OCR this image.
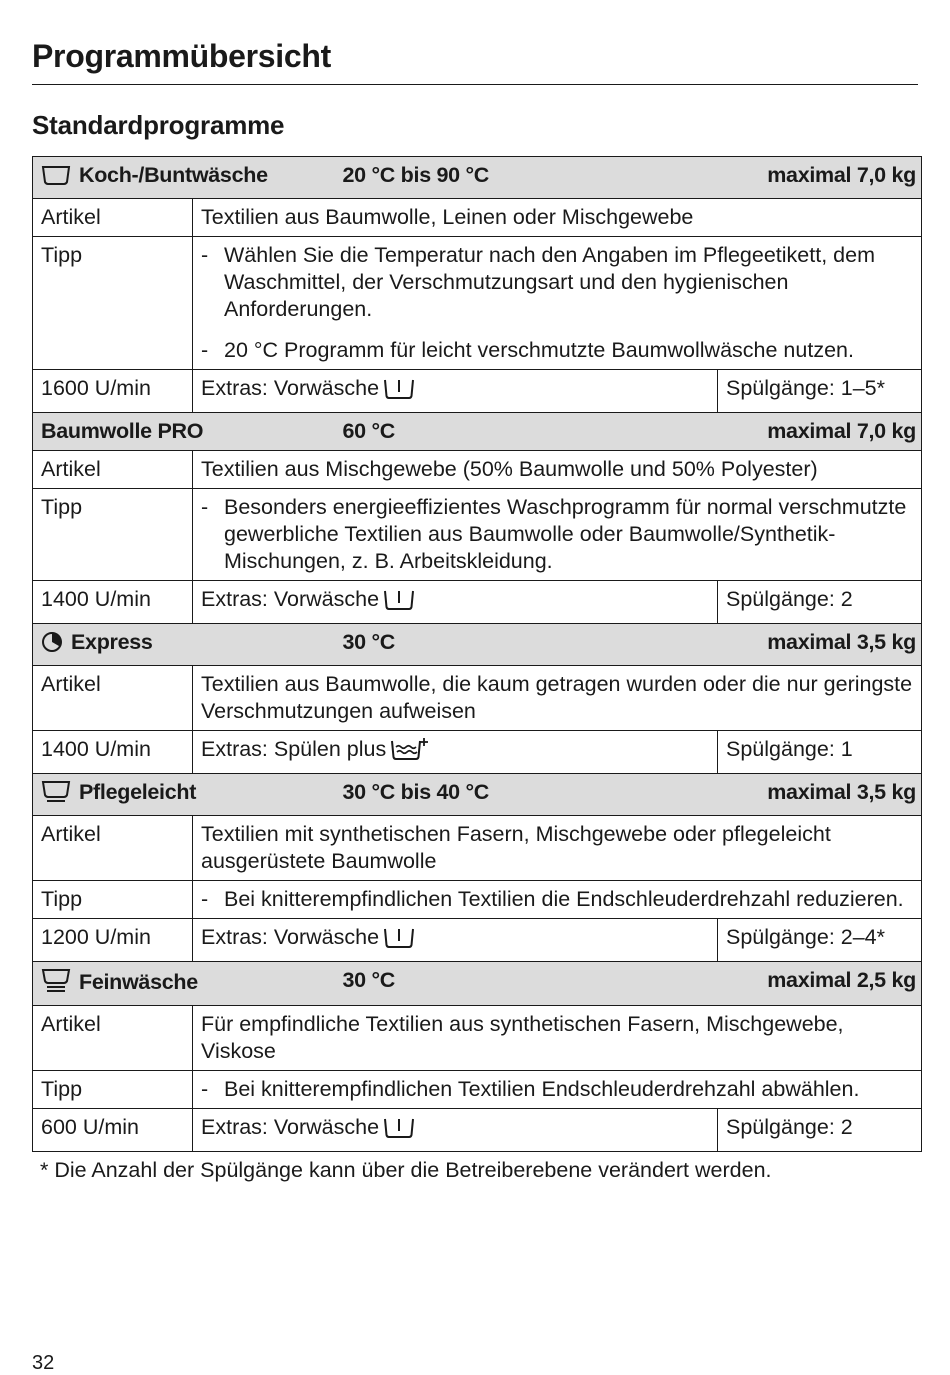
Programmübersicht
Standardprogramme
Koch-/Buntwäsche	20 °C bis 90 °C	maximal 7,0 kg
Artikel	Textilien aus Baumwolle, Leinen oder Mischgewebe	
Tipp	- Wählen Sie die Temperatur nach den Angaben im Pflegeetikett, dem Waschmittel, der Verschmutzungsart und den hygienischen Anforderungen.
- 20 °C Programm für leicht verschmutzte Baumwollwäsche nutzen.	

1600 U/min	Extras: Vorwäsche	Spülgänge: 1–5*
Baumwolle PRO	60 °C	maximal 7,0 kg
Artikel	Textilien aus Mischgewebe (50% Baumwolle und 50% Polyester)	
Tipp	- Besonders energieeffizientes Waschprogramm für normal verschmutzte gewerbliche Textilien aus Baumwolle oder Baumwolle/Synthetik-Mischungen, z. B. Arbeitskleidung.	

1400 U/min	Extras: Vorwäsche	Spülgänge: 2
Express	30 °C	maximal 3,5 kg
Artikel	Textilien aus Baumwolle, die kaum getragen wurden oder die nur geringste Verschmutzungen aufweisen	
1400 U/min	Extras: Spülen plus	Spülgänge: 1
Pflegeleicht	30 °C bis 40 °C	maximal 3,5 kg
Artikel	Textilien mit synthetischen Fasern, Mischgewebe oder pflegeleicht ausgerüstete Baumwolle	
Tipp	- Bei knitterempfindlichen Textilien die Endschleuderdrehzahl reduzieren.	

1200 U/min	Extras: Vorwäsche	Spülgänge: 2–4*
Feinwäsche	30 °C	maximal 2,5 kg
Artikel	Für empfindliche Textilien aus synthetischen Fasern, Mischgewebe, Viskose	
Tipp	- Bei knitterempfindlichen Textilien Endschleuderdrehzahl abwählen.	

600 U/min	Extras: Vorwäsche	Spülgänge: 2
* Die Anzahl der Spülgänge kann über die Betreiberebene verändert werden.
32
